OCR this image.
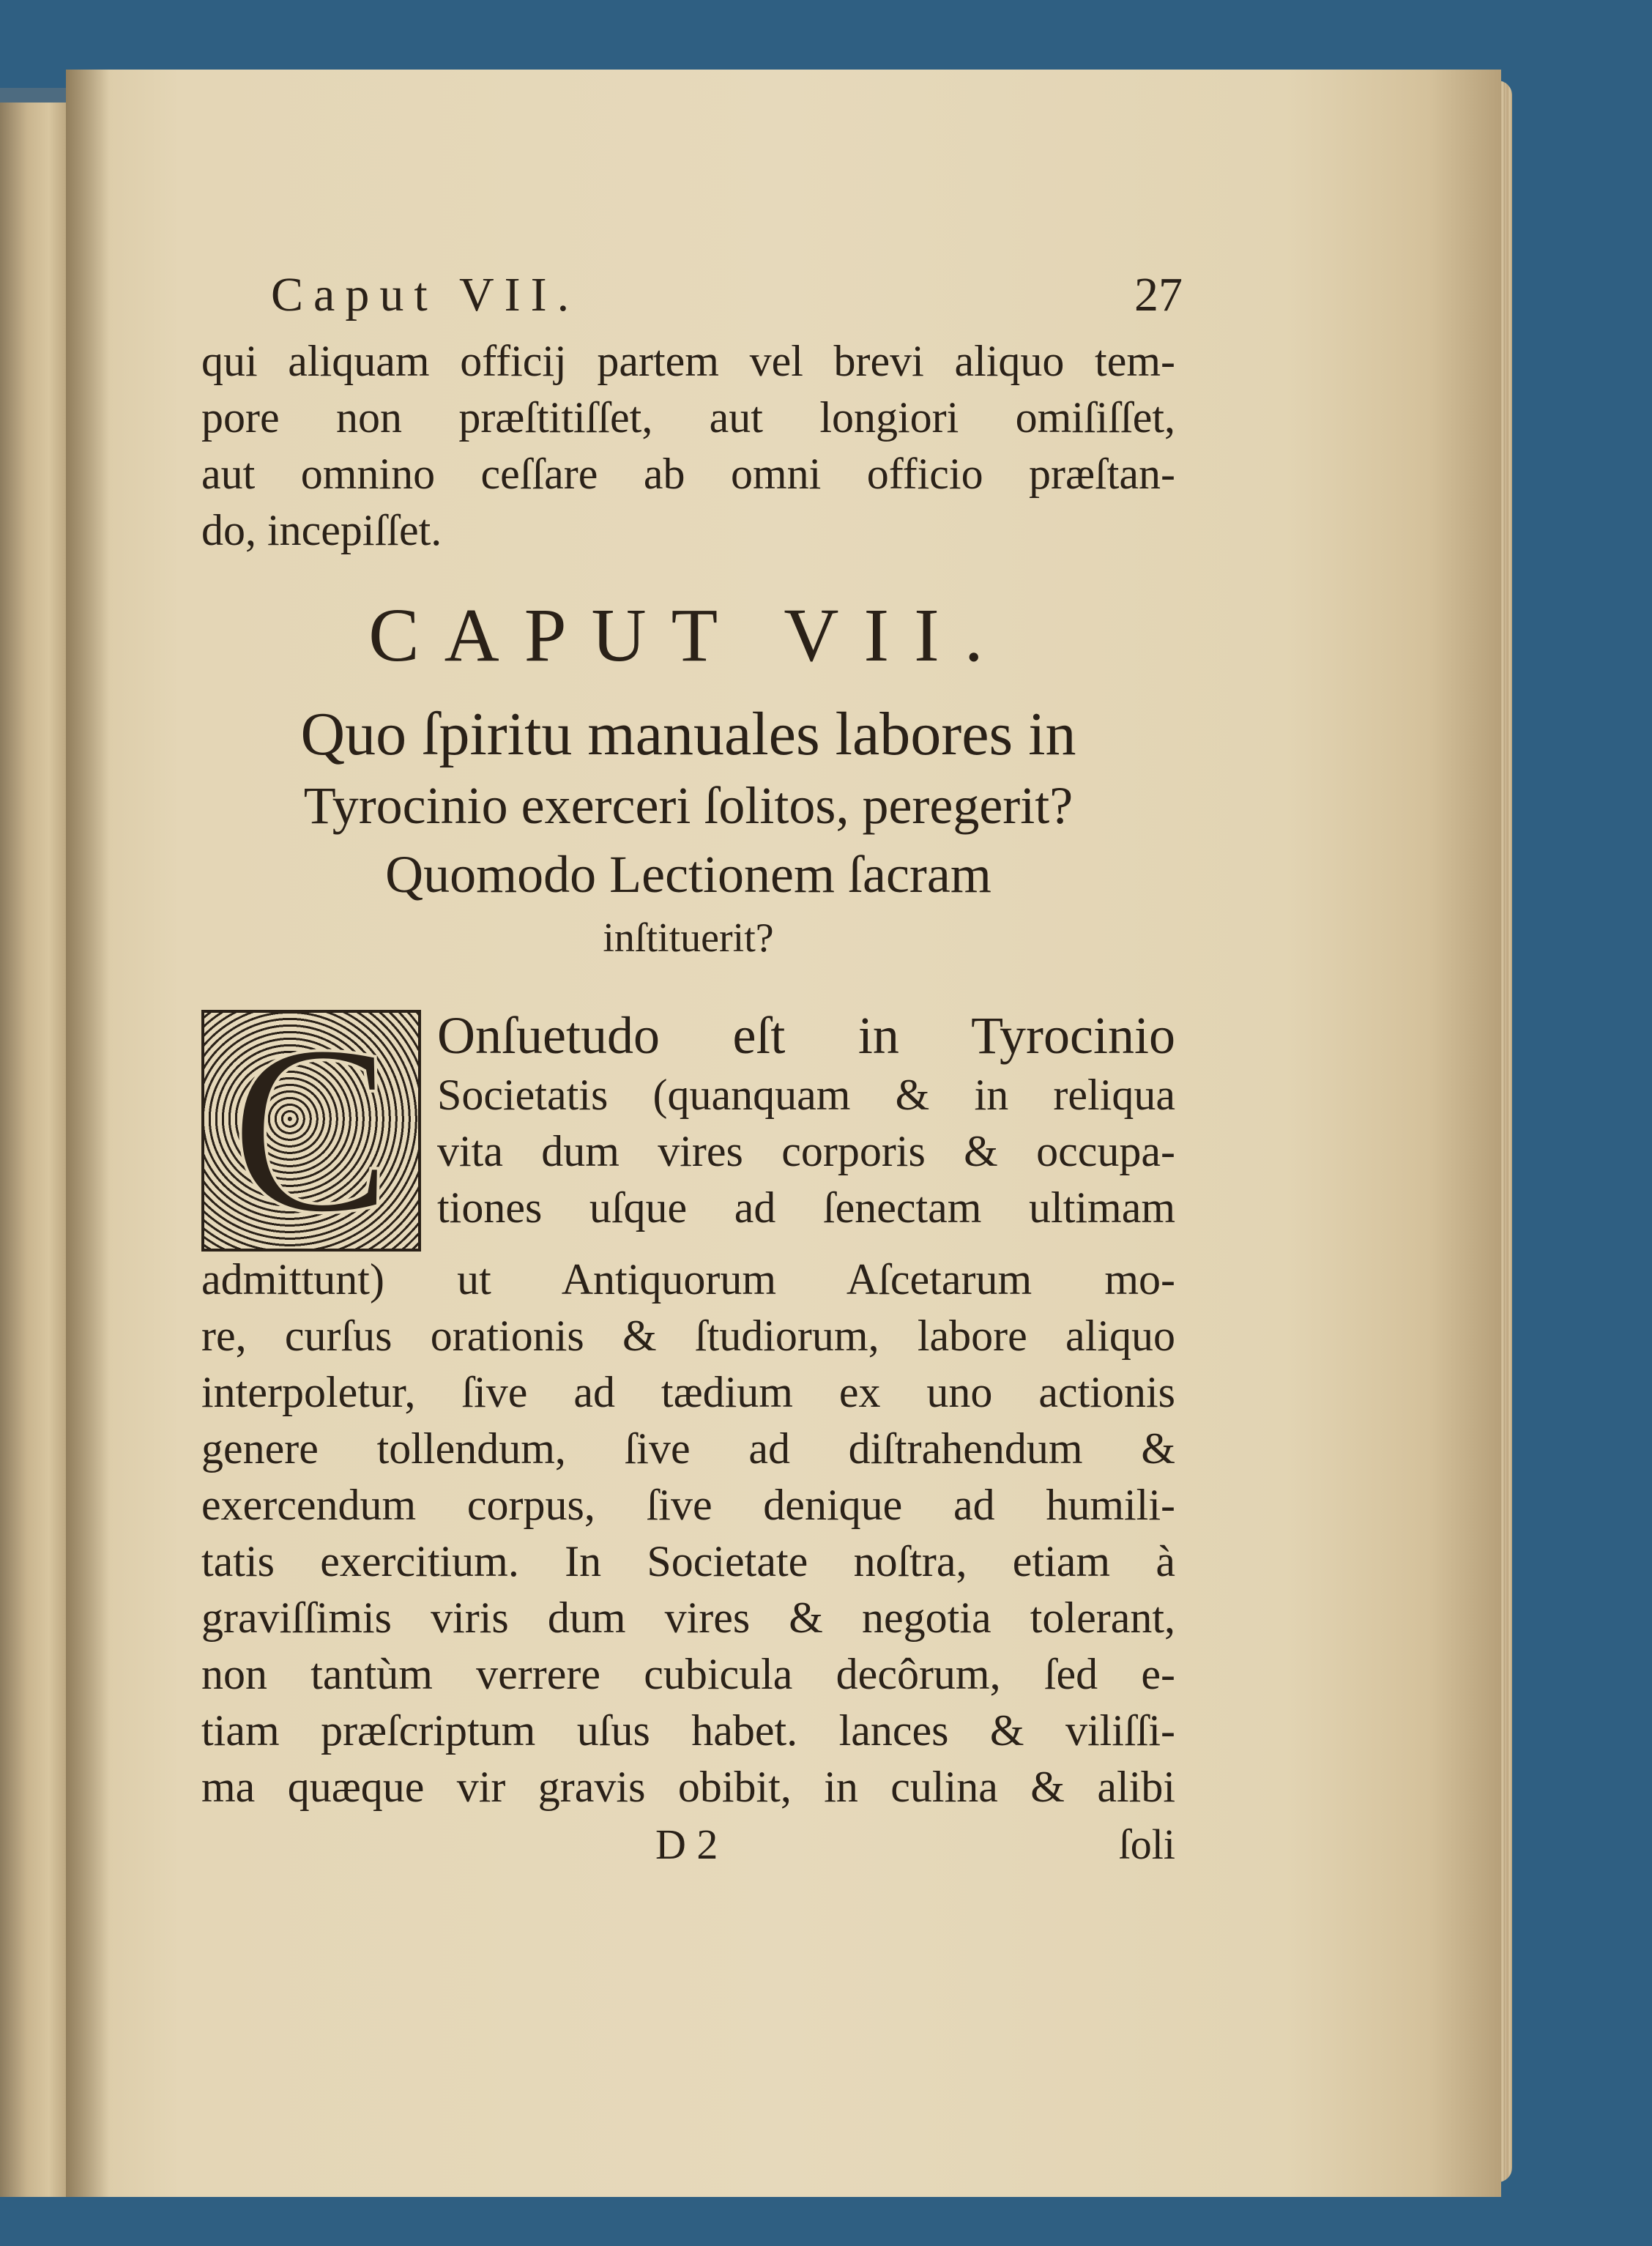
Caput VII.	27
qui aliquam officij partem vel brevi aliquo tem-
pore non præſtitiſſet, aut longiori omiſiſſet,
aut omnino ceſſare ab omni officio præſtan-
do, incepiſſet.
CAPUT VII.
Quo ſpiritu manuales labores in
Tyrocinio exerceri ſolitos, peregerit?
Quomodo Lectionem ſacram
inſtituerit?
C Onſuetudo eſt in Tyrocinio
Societatis (quanquam & in reliqua
vita dum vires corporis & occupa-
tiones uſque ad ſenectam ultimam
admittunt) ut Antiquorum Aſcetarum mo-
re, curſus orationis & ſtudiorum, labore aliquo
interpoletur, ſive ad tædium ex uno actionis
genere tollendum, ſive ad diſtrahendum &
exercendum corpus, ſive denique ad humili-
tatis exercitium. In Societate noſtra, etiam à
graviſſimis viris dum vires & negotia tolerant,
non tantùm verrere cubicula decôrum, ſed e-
tiam præſcriptum uſus habet. lances & viliſſi-
ma quæque vir gravis obibit, in culina & alibi
D 2	ſoli
